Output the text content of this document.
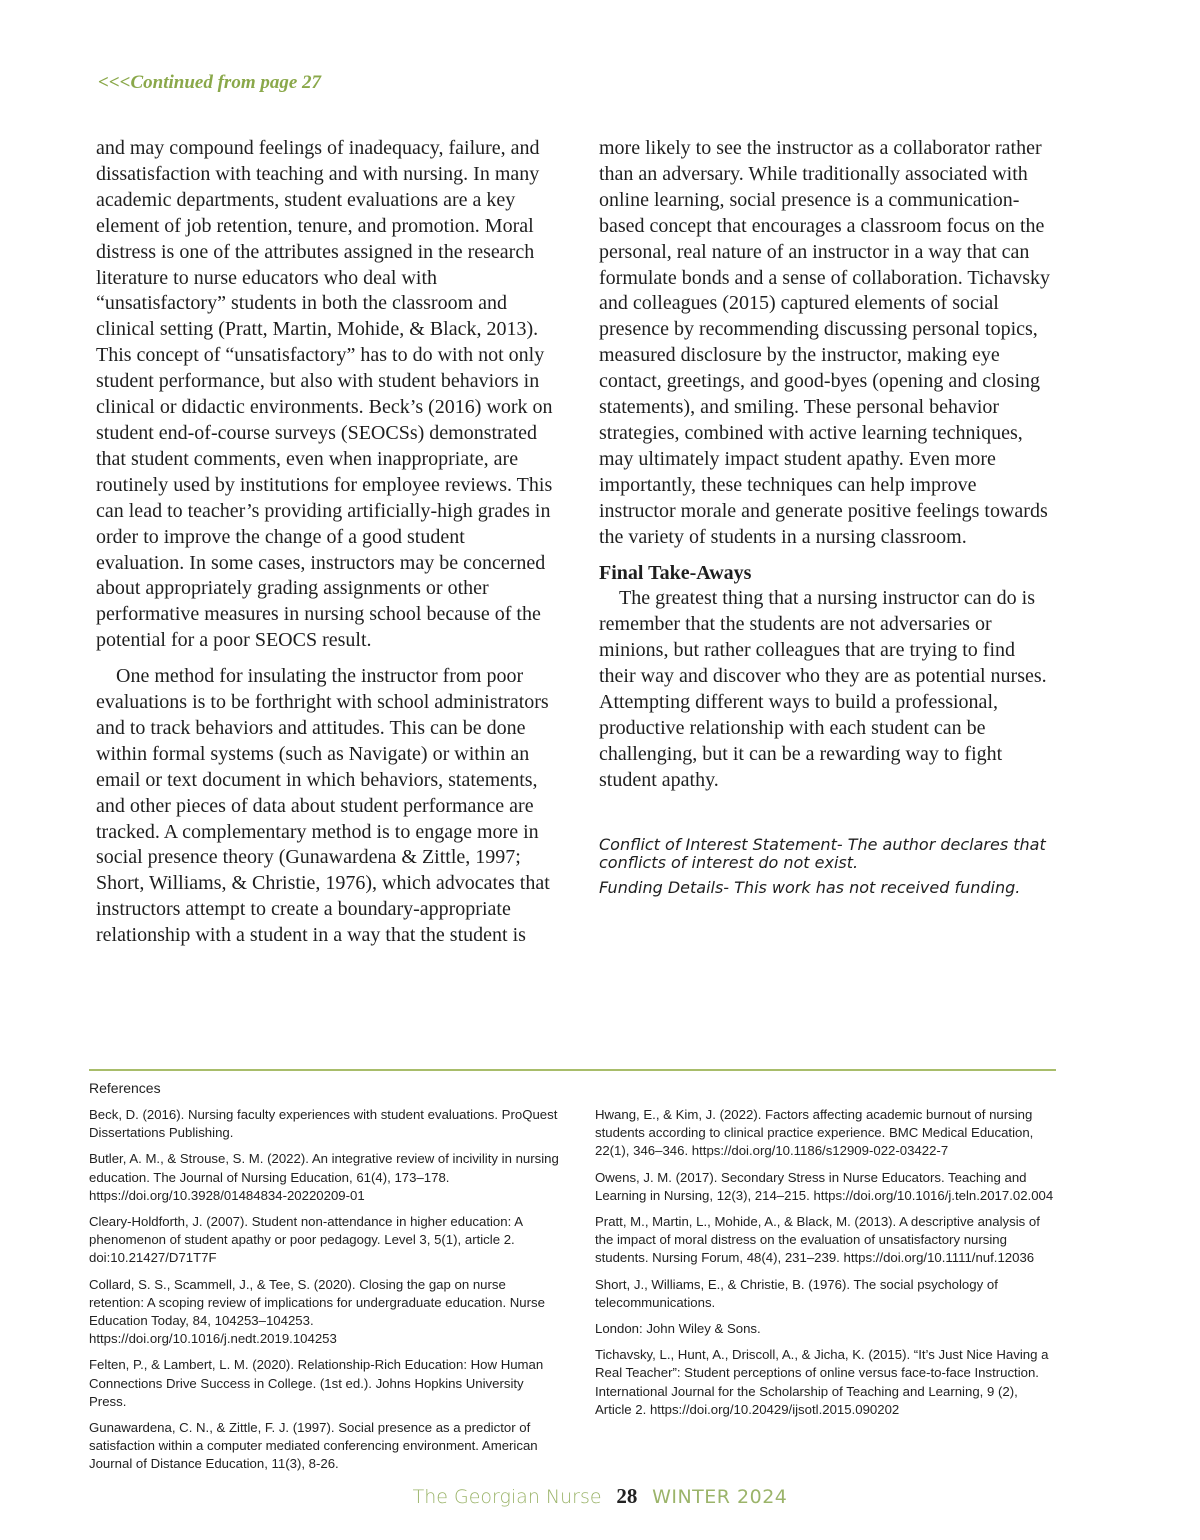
<<<Continued from page 27

and may compound feelings of inadequacy, failure, and dissatisfaction with teaching and with nursing. In many academic departments, student evaluations are a key element of job retention, tenure, and promotion. Moral distress is one of the attributes assigned in the research literature to nurse educators who deal with “unsatisfactory” students in both the classroom and clinical setting (Pratt, Martin, Mohide, & Black, 2013). This concept of “unsatisfactory” has to do with not only student performance, but also with student behaviors in clinical or didactic environments. Beck’s (2016) work on student end-of-course surveys (SEOCSs) demonstrated that student comments, even when inappropriate, are routinely used by institutions for employee reviews. This can lead to teacher’s providing artificially-high grades in order to improve the change of a good student evaluation. In some cases, instructors may be concerned about appropriately grading assignments or other performative measures in nursing school because of the potential for a poor SEOCS result.

One method for insulating the instructor from poor evaluations is to be forthright with school administrators and to track behaviors and attitudes. This can be done within formal systems (such as Navigate) or within an email or text document in which behaviors, statements, and other pieces of data about student performance are tracked. A complementary method is to engage more in social presence theory (Gunawardena & Zittle, 1997; Short, Williams, & Christie, 1976), which advocates that instructors attempt to create a boundary-appropriate relationship with a student in a way that the student is

more likely to see the instructor as a collaborator rather than an adversary. While traditionally associated with online learning, social presence is a communication-based concept that encourages a classroom focus on the personal, real nature of an instructor in a way that can formulate bonds and a sense of collaboration. Tichavsky and colleagues (2015) captured elements of social presence by recommending discussing personal topics, measured disclosure by the instructor, making eye contact, greetings, and good-byes (opening and closing statements), and smiling. These personal behavior strategies, combined with active learning techniques, may ultimately impact student apathy. Even more importantly, these techniques can help improve instructor morale and generate positive feelings towards the variety of students in a nursing classroom.

Final Take-Aways

The greatest thing that a nursing instructor can do is remember that the students are not adversaries or minions, but rather colleagues that are trying to find their way and discover who they are as potential nurses. Attempting different ways to build a professional, productive relationship with each student can be challenging, but it can be a rewarding way to fight student apathy.

Conflict of Interest Statement- The author declares that conflicts of interest do not exist.

Funding Details- This work has not received funding.

References

Beck, D. (2016). Nursing faculty experiences with student evaluations. ProQuest Dissertations Publishing.

Butler, A. M., & Strouse, S. M. (2022). An integrative review of incivility in nursing education. The Journal of Nursing Education, 61(4), 173–178. https://doi.org/10.3928/01484834-20220209-01

Cleary-Holdforth, J. (2007). Student non-attendance in higher education: A phenomenon of student apathy or poor pedagogy. Level 3, 5(1), article 2. doi:10.21427/D71T7F

Collard, S. S., Scammell, J., & Tee, S. (2020). Closing the gap on nurse retention: A scoping review of implications for undergraduate education. Nurse Education Today, 84, 104253–104253. https://doi.org/10.1016/j.nedt.2019.104253

Felten, P., & Lambert, L. M. (2020). Relationship-Rich Education: How Human Connections Drive Success in College. (1st ed.). Johns Hopkins University Press.

Gunawardena, C. N., & Zittle, F. J. (1997). Social presence as a predictor of satisfaction within a computer mediated conferencing environment. American Journal of Distance Education, 11(3), 8-26.

Hwang, E., & Kim, J. (2022). Factors affecting academic burnout of nursing students according to clinical practice experience. BMC Medical Education, 22(1), 346–346. https://doi.org/10.1186/s12909-022-03422-7

Owens, J. M. (2017). Secondary Stress in Nurse Educators. Teaching and Learning in Nursing, 12(3), 214–215. https://doi.org/10.1016/j.teln.2017.02.004

Pratt, M., Martin, L., Mohide, A., & Black, M. (2013). A descriptive analysis of the impact of moral distress on the evaluation of unsatisfactory nursing students. Nursing Forum, 48(4), 231–239. https://doi.org/10.1111/nuf.12036

Short, J., Williams, E., & Christie, B. (1976). The social psychology of telecommunications.

London: John Wiley & Sons.

Tichavsky, L., Hunt, A., Driscoll, A., & Jicha, K. (2015). “It’s Just Nice Having a Real Teacher”: Student perceptions of online versus face-to-face Instruction. International Journal for the Scholarship of Teaching and Learning, 9 (2), Article 2. https://doi.org/10.20429/ijsotl.2015.090202

The Georgian Nurse 28 WINTER 2024
